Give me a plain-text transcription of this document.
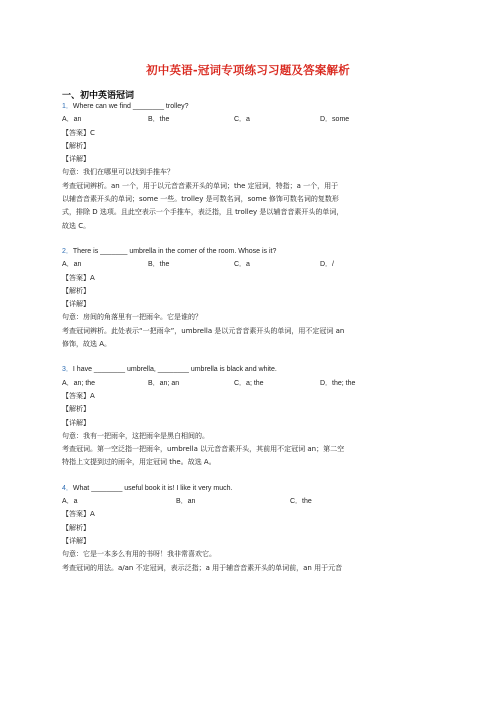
初中英语-冠词专项练习习题及答案解析
一、初中英语冠词
1．Where can we find ________ trolley?
A．an	B．the	C．a	D．some
【答案】C
【解析】
【详解】
句意：我们在哪里可以找到手推车？
考查冠词辨析。an 一个，用于以元音音素开头的单词；the 定冠词，特指；a 一个，用于
以辅音音素开头的单词；some 一些。trolley 是可数名词，some 修饰可数名词的复数形
式，排除 D 选项。且此空表示一个手推车，表泛指，且 trolley 是以辅音音素开头的单词，
故选 C。
2．There is _______ umbrella in the corner of the room. Whose is it?
A．an	B．the	C．a	D．/
【答案】A
【解析】
【详解】
句意：房间的角落里有一把雨伞。它是谁的？
考查冠词辨析。此处表示“一把雨伞”，umbrella 是以元音音素开头的单词，用不定冠词 an
修饰，故选 A。
3．I have ________ umbrella, ________ umbrella is black and white.
A．an; the	B．an; an	C．a; the	D．the; the
【答案】A
【解析】
【详解】
句意：我有一把雨伞，这把雨伞是黑白相间的。
考查冠词。第一空泛指一把雨伞，umbrella 以元音音素开头，其前用不定冠词 an；第二空
特指上文提到过的雨伞，用定冠词 the。故选 A。
4．What ________ useful book it is! I like it very much.
A．a	B．an	C．the
【答案】A
【解析】
【详解】
句意：它是一本多么有用的书呀！我非常喜欢它。
考查冠词的用法。a/an 不定冠词，表示泛指；a 用于辅音音素开头的单词前，an 用于元音
